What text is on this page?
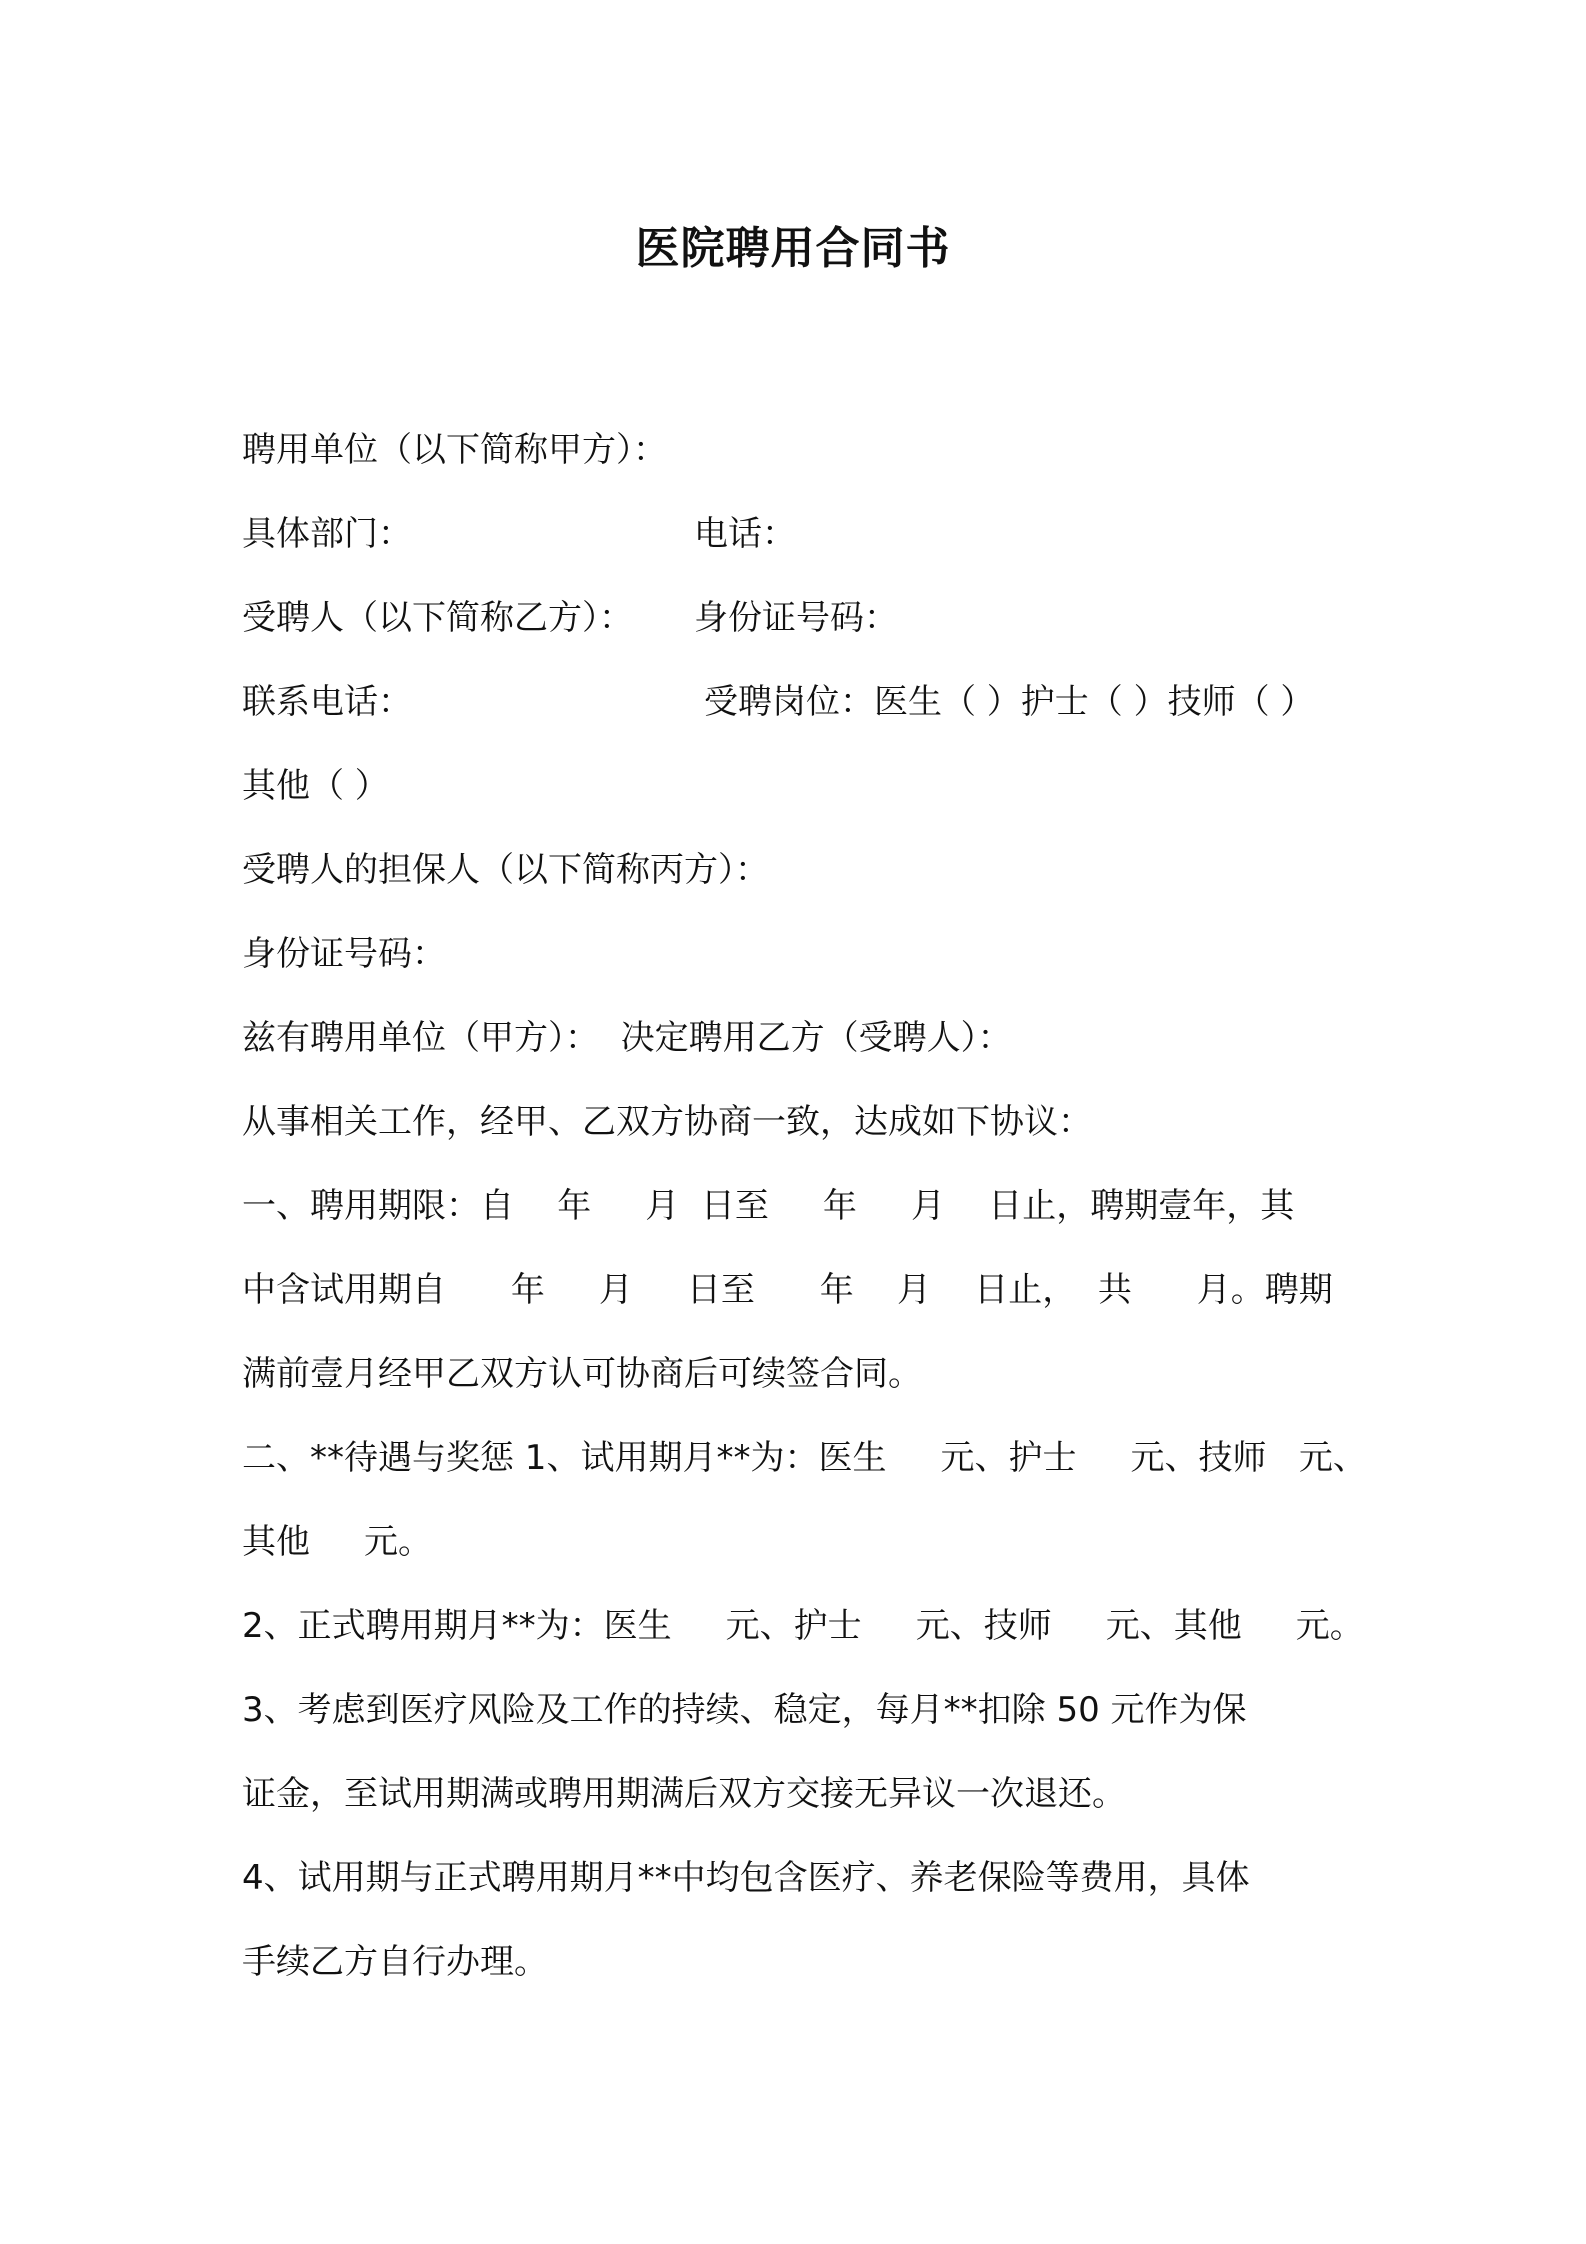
医院聘用合同书
聘用单位（以下简称甲方）：
具体部门：	电话：
受聘人（以下简称乙方）： 身份证号码：
联系电话：	受聘岗位：医生（ ）护士（ ）技师（ ）
其他（ ）
受聘人的担保人（以下简称丙方）：
身份证号码：
兹有聘用单位（甲方）：  决定聘用乙方（受聘人）：
从事相关工作，经甲、乙双方协商一致，达成如下协议：
一、聘用期限：自    年     月  日至     年     月    日止，聘期壹年，其
中含试用期自      年     月     日至      年    月    日止，  共      月。聘期
满前壹月经甲乙双方认可协商后可续签合同。
二、**待遇与奖惩 1、试用期月**为：医生     元、护士     元、技师   元、
其他     元。
2、正式聘用期月**为：医生     元、护士     元、技师     元、其他     元。
3、考虑到医疗风险及工作的持续、稳定，每月**扣除 50 元作为保
证金，至试用期满或聘用期满后双方交接无异议一次退还。
4、试用期与正式聘用期月**中均包含医疗、养老保险等费用，具体
手续乙方自行办理。
